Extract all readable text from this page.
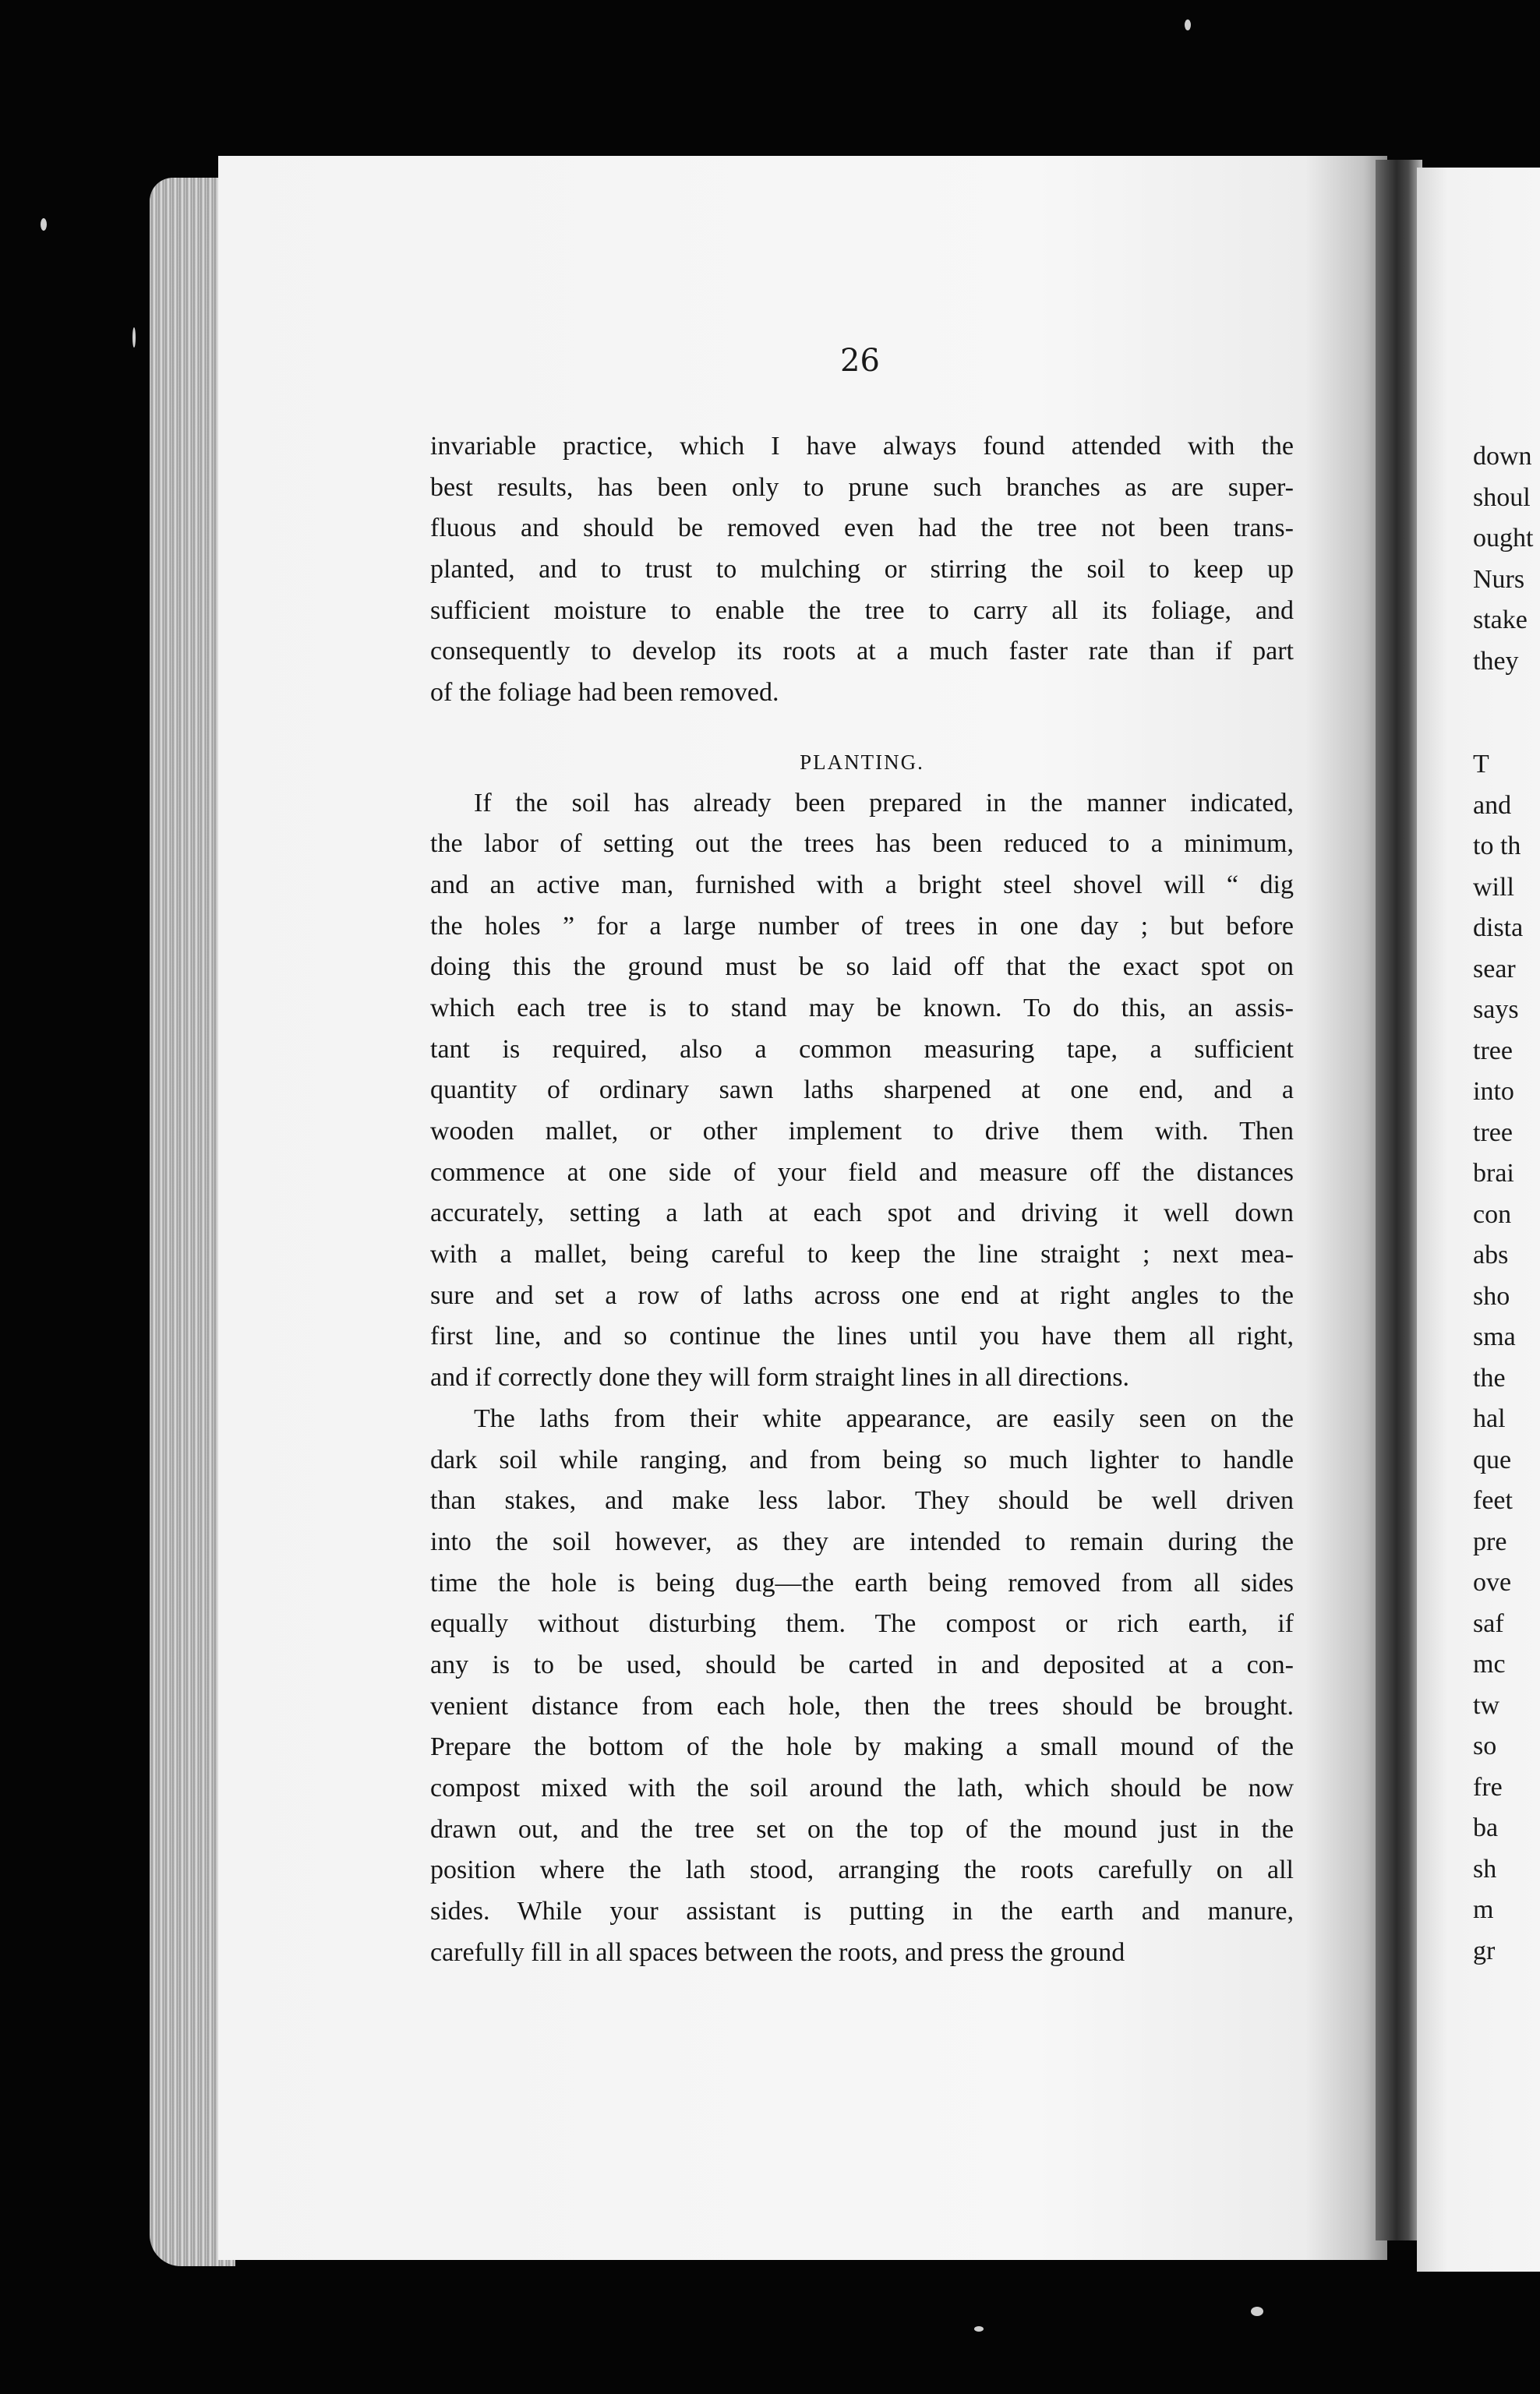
26
invariable practice, which I have always found attended with the
best results, has been only to prune such branches as are super-
fluous and should be removed even had the tree not been trans-
planted, and to trust to mulching or stirring the soil to keep up
sufficient moisture to enable the tree to carry all its foliage, and
consequently to develop its roots at a much faster rate than if part
of the foliage had been removed.
PLANTING.
If the soil has already been prepared in the manner indicated,
the labor of setting out the trees has been reduced to a minimum,
and an active man, furnished with a bright steel shovel will “ dig
the holes ” for a large number of trees in one day ; but before
doing this the ground must be so laid off that the exact spot on
which each tree is to stand may be known. To do this, an assis-
tant is required, also a common measuring tape, a sufficient
quantity of ordinary sawn laths sharpened at one end, and a
wooden mallet, or other implement to drive them with. Then
commence at one side of your field and measure off the distances
accurately, setting a lath at each spot and driving it well down
with a mallet, being careful to keep the line straight ; next mea-
sure and set a row of laths across one end at right angles to the
first line, and so continue the lines until you have them all right,
and if correctly done they will form straight lines in all directions.
The laths from their white appearance, are easily seen on the
dark soil while ranging, and from being so much lighter to handle
than stakes, and make less labor. They should be well driven
into the soil however, as they are intended to remain during the
time the hole is being dug—the earth being removed from all sides
equally without disturbing them. The compost or rich earth, if
any is to be used, should be carted in and deposited at a con-
venient distance from each hole, then the trees should be brought.
Prepare the bottom of the hole by making a small mound of the
compost mixed with the soil around the lath, which should be now
drawn out, and the tree set on the top of the mound just in the
position where the lath stood, arranging the roots carefully on all
sides. While your assistant is putting in the earth and manure,
carefully fill in all spaces between the roots, and press the ground
down
shoul
ought
Nurs
stake
they
T
and
to th
will
dista
sear
says
tree
into
tree
brai
con
abs
sho
sma
the
hal
que
feet
pre
ove
saf
mc
tw
so
fre
ba
sh
m
gr
